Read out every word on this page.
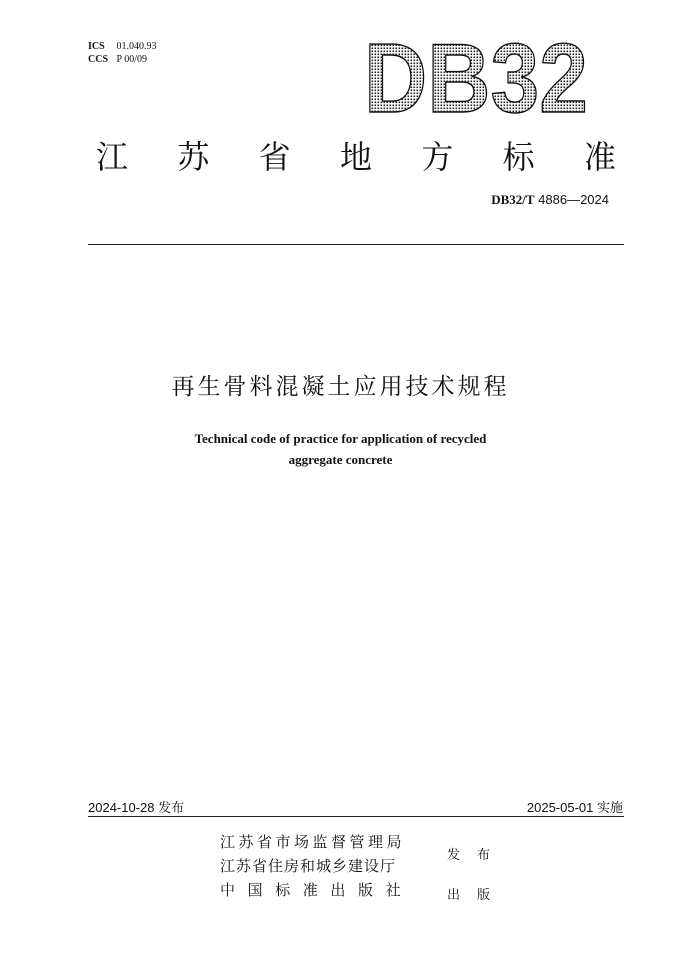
ICS 01.040.93
CCS P 00/09 DB32
江 苏 省 地 方 标 准
DB32/T 4886—2024
再生骨料混凝土应用技术规程
Technical code of practice for application of recycled
aggregate concrete
2024-10-28 发布	2025-05-01 实施
江苏省市场监督管理局
江苏省住房和城乡建设厅
中国标准出版社
发布
出版
